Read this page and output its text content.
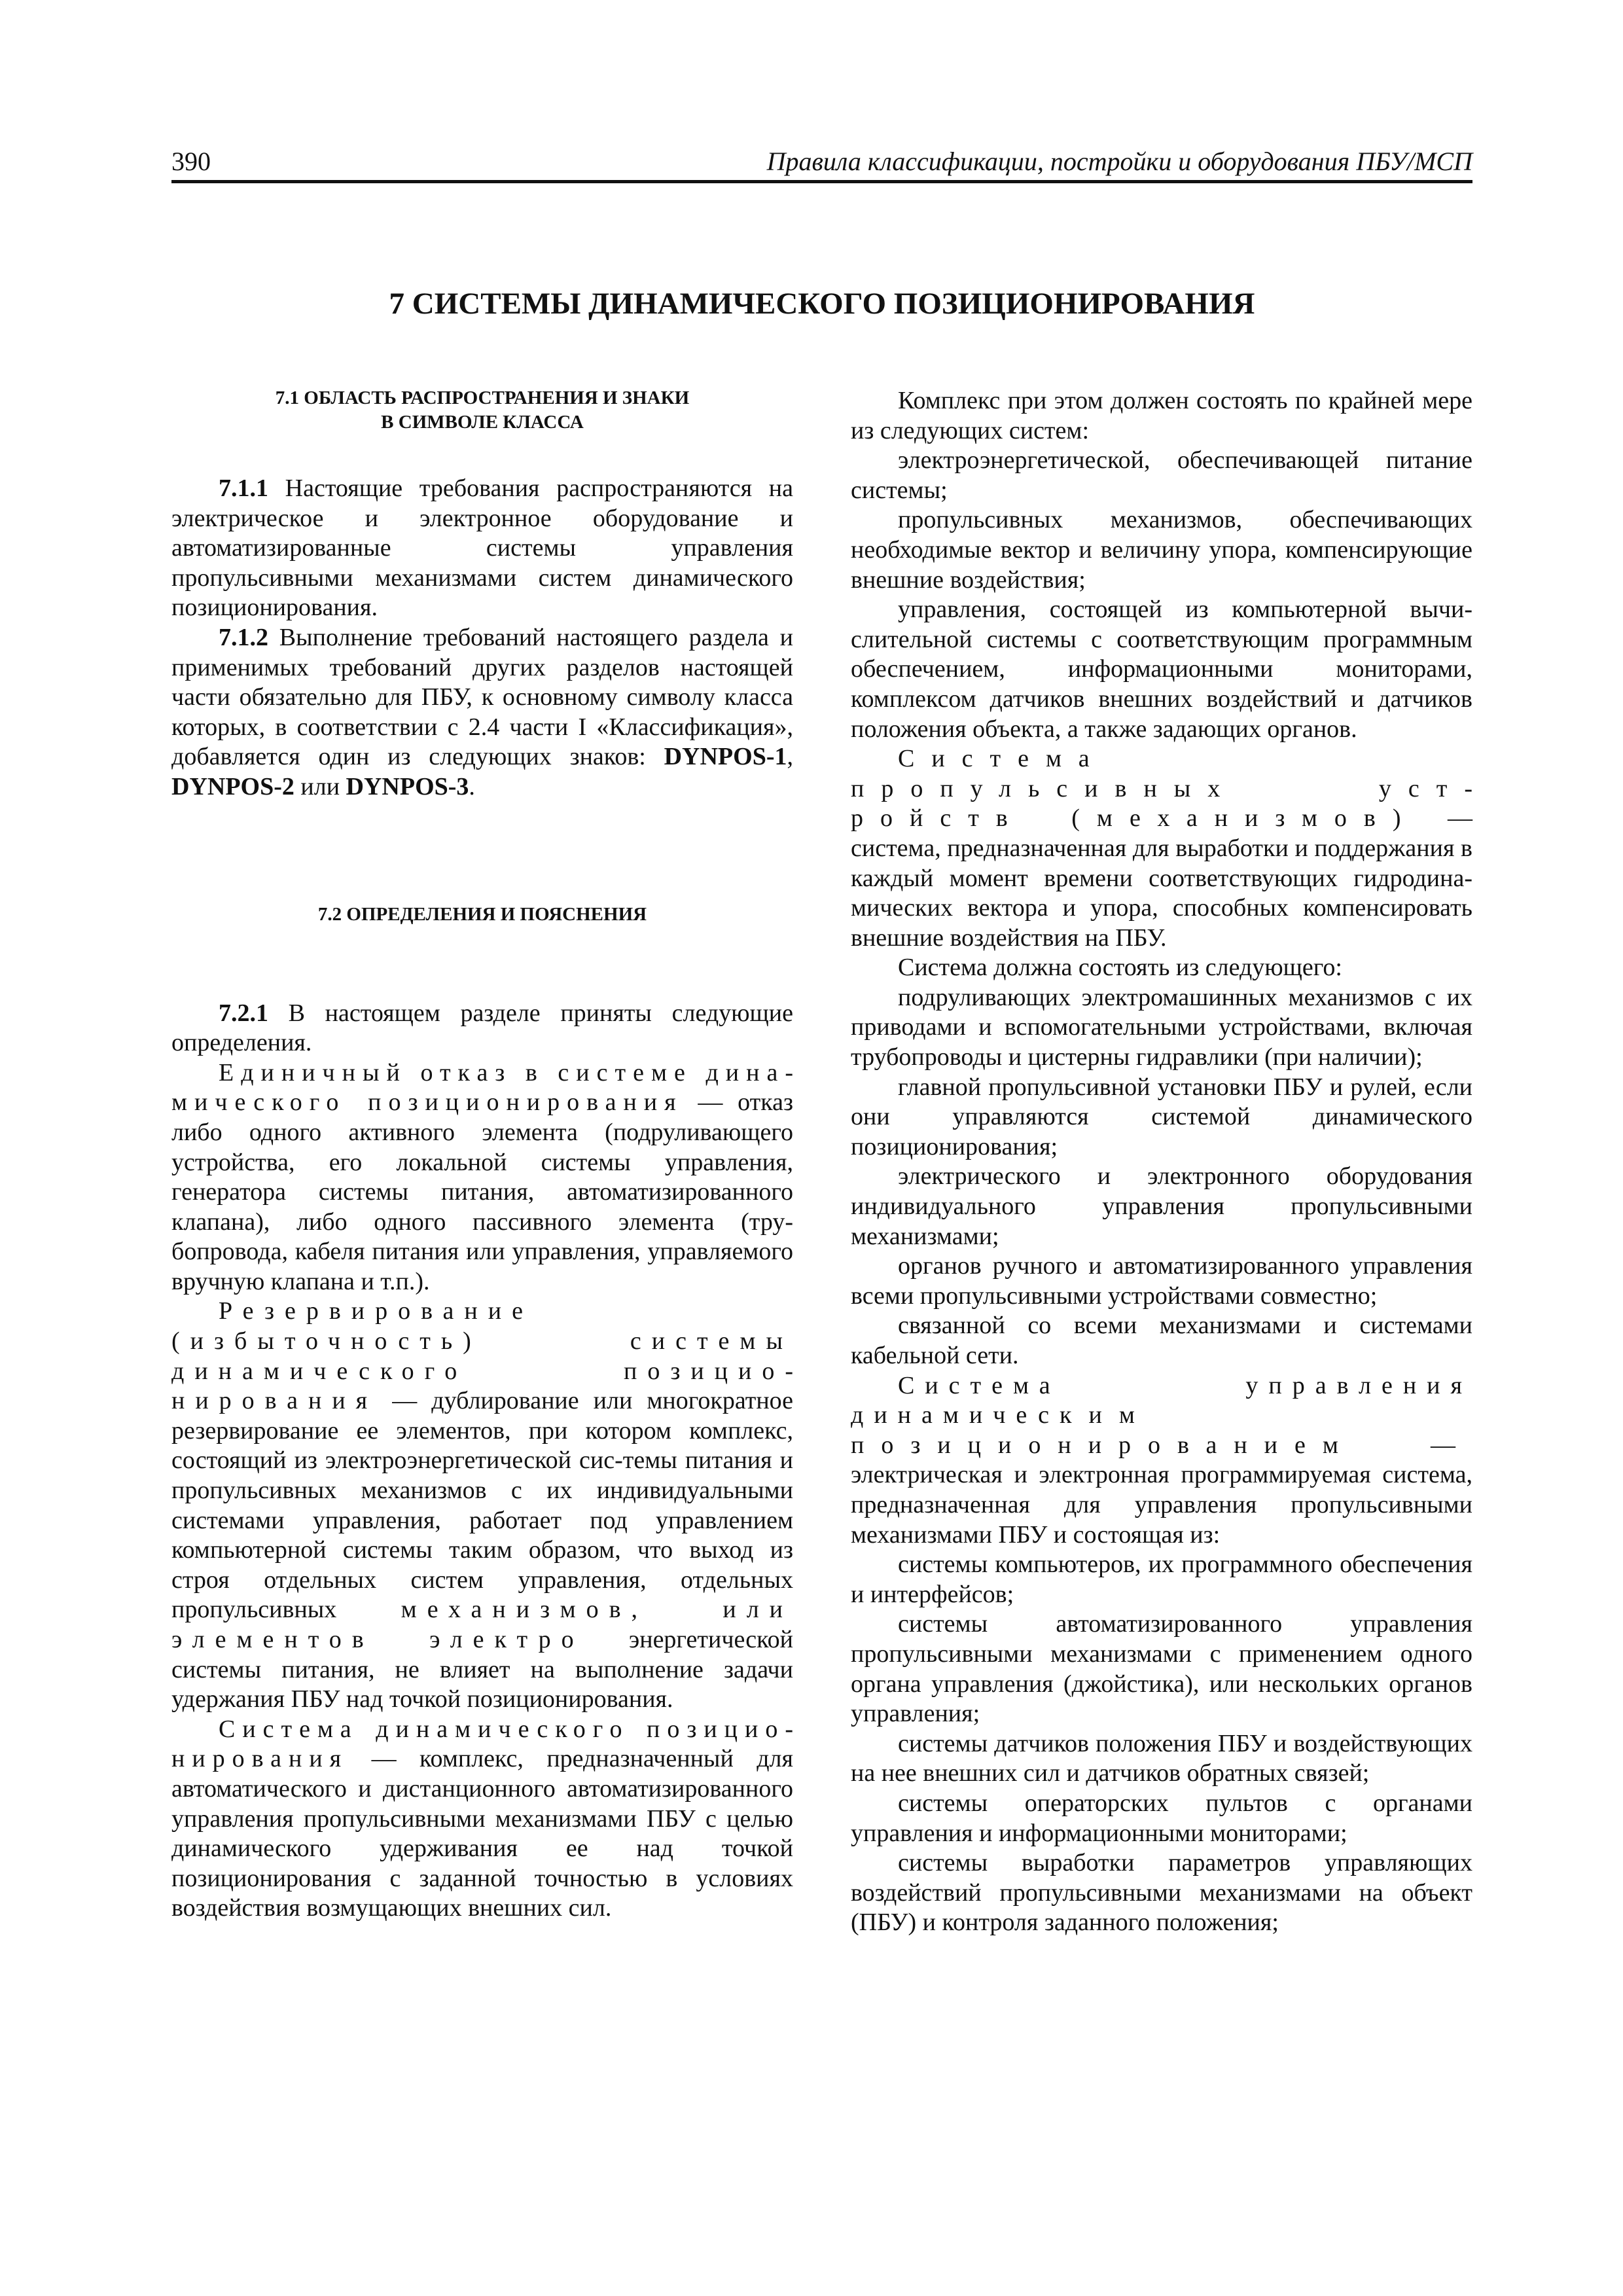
390	Правила классификации, постройки и оборудования ПБУ/МСП
7 СИСТЕМЫ ДИНАМИЧЕСКОГО ПОЗИЦИОНИРОВАНИЯ
7.1 ОБЛАСТЬ РАСПРОСТРАНЕНИЯ И ЗНАКИ
В СИМВОЛЕ КЛАССА

7.1.1 Настоящие требования распространяются на электрическое и электронное оборудование и автоматизированные системы управления пропульсивными механизмами систем динамического позиционирования.

7.1.2 Выполнение требований настоящего раздела и применимых требований других разделов настоящей части обязательно для ПБУ, к основному символу класса которых, в соответствии с 2.4 части I «Классификация», добавляется один из следующих знаков: DYNPOS-1, DYNPOS-2 или DYNPOS-3.

7.2 ОПРЕДЕЛЕНИЯ И ПОЯСНЕНИЯ

7.2.1 В настоящем разделе приняты следующие определения.

Единичный отказ в системе динамического позиционирования — отказ либо одного активного элемента (подруливающего устройства, его локальной системы управления, генератора системы питания, автоматизированного клапана), либо одного пассивного элемента (трубопровода, кабеля питания или управления, управляемого вручную клапана и т.п.).

Резервирование (избыточность) системы динамического позиционирования — дублирование или многократное резервирование ее элементов, при котором комплекс, состоящий из электроэнергетической сис-темы питания и пропульсивных механизмов с их индивидуальными системами управления, работает под управлением компьютерной системы таким образом, что выход из строя отдельных систем управления, отдельных пропульсивных механизмов, или элементов электро энергетической системы питания, не влияет на выполнение задачи удержания ПБУ над точкой позиционирования.

Система динамического позиционирования — комплекс, предназначенный для автоматического и дистанционного автоматизированного управления пропульсивными механизмами ПБУ с целью динамического удерживания ее над точкой позиционирования с заданной точностью в условиях воздействия возмущающих внешних сил.

Комплекс при этом должен состоять по крайней мере из следующих систем:

электроэнергетической, обеспечивающей питание системы;

пропульсивных механизмов, обеспечивающих необходимые вектор и величину упора, компенсирующие внешние воздействия;

управления, состоящей из компьютерной вычислительной системы с соответствующим программным обеспечением, информационными мониторами, комплексом датчиков внешних воздействий и датчиков положения объекта, а также задающих органов.

Система пропульсивных устройств (механизмов) — система, предназначенная для выработки и поддержания в каждый момент времени соответствующих гидродинамических вектора и упора, способных компенсировать внешние воздействия на ПБУ.

Система должна состоять из следующего:

подруливающих электромашинных механизмов с их приводами и вспомогательными устройствами, включая трубопроводы и цистерны гидравлики (при наличии);

главной пропульсивной установки ПБУ и рулей, если они управляются системой динамического позиционирования;

электрического и электронного оборудования индивидуального управления пропульсивными механизмами;

органов ручного и автоматизированного управления всеми пропульсивными устройствами совместно;

связанной со всеми механизмами и системами кабельной сети.

Система управления динамическим позиционированием — электрическая и электронная программируемая система, предназначенная для управления пропульсивными механизмами ПБУ и состоящая из:

системы компьютеров, их программного обеспечения и интерфейсов;

системы автоматизированного управления пропульсивными механизмами с применением одного органа управления (джойстика), или нескольких органов управления;

системы датчиков положения ПБУ и воздействующих на нее внешних сил и датчиков обратных связей;

системы операторских пультов с органами управления и информационными мониторами;

системы выработки параметров управляющих воздействий пропульсивными механизмами на объект (ПБУ) и контроля заданного положения;
